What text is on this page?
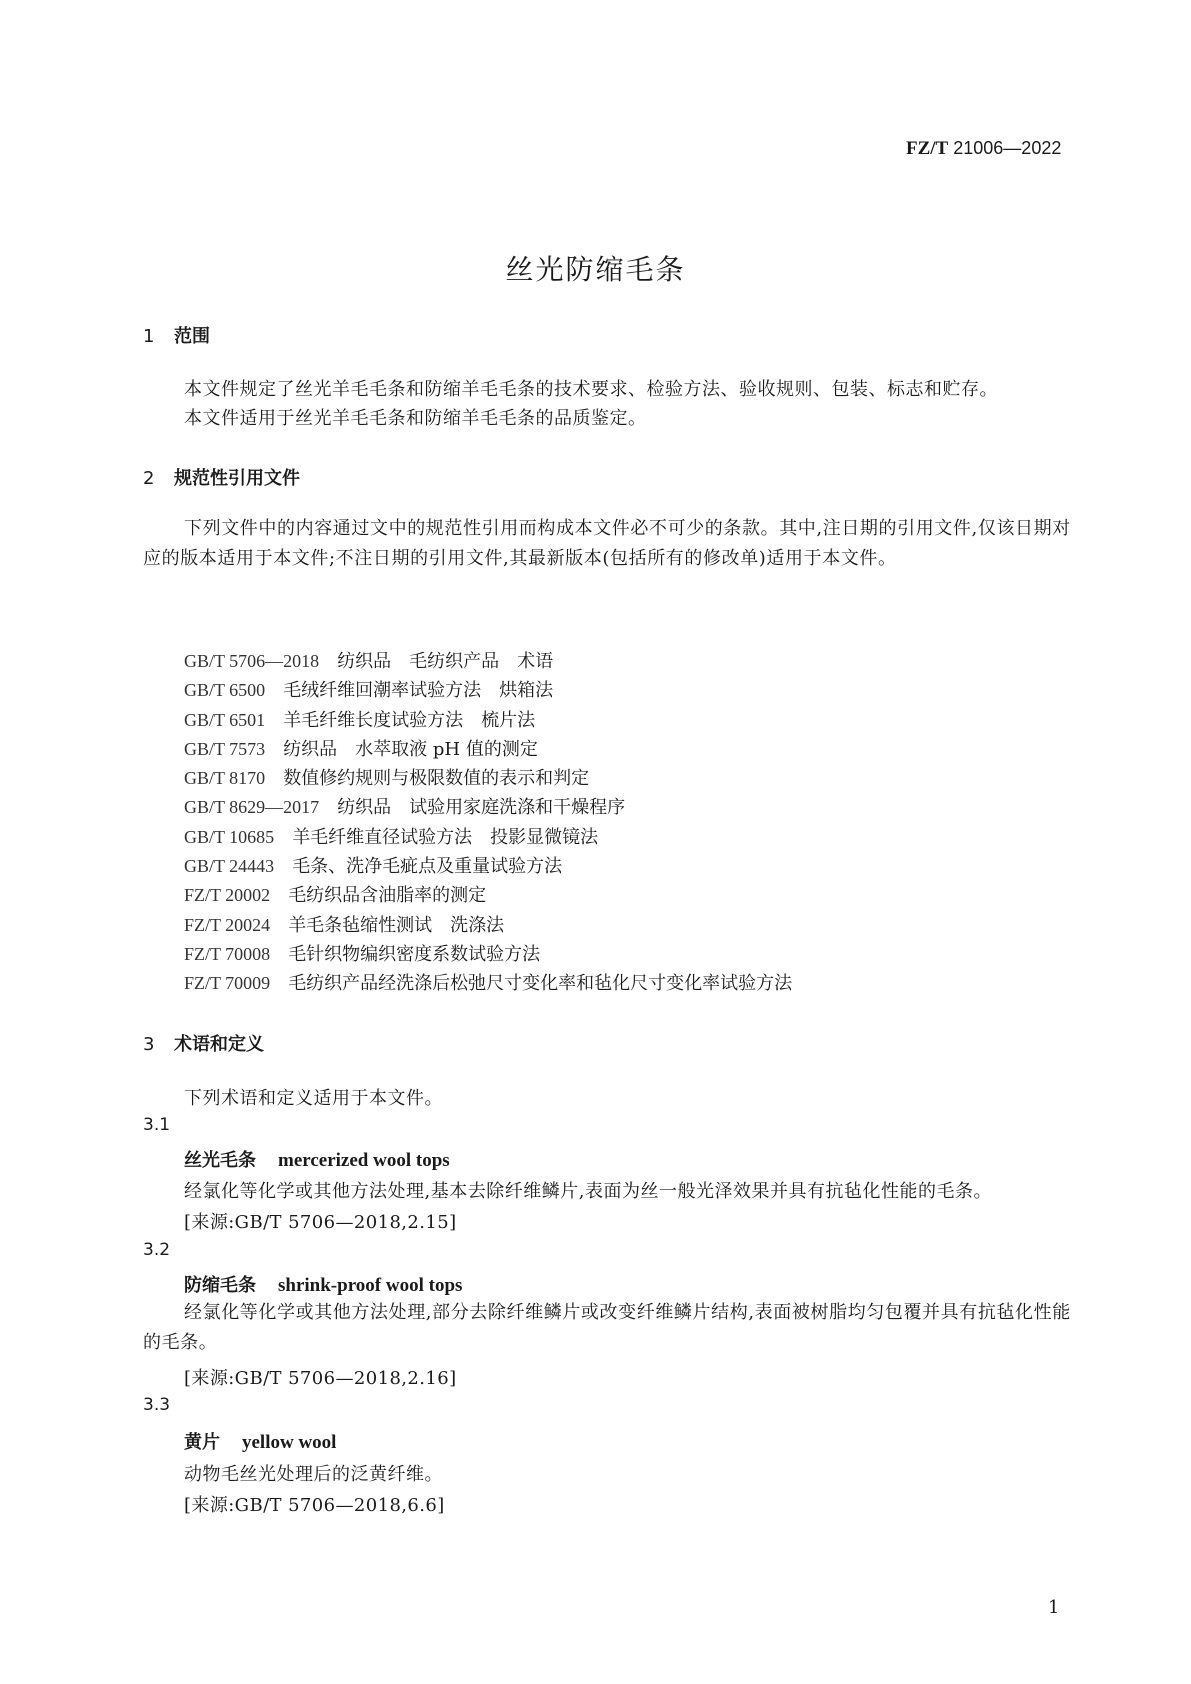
FZ/T 21006—2022
丝光防缩毛条
1 范围
本文件规定了丝光羊毛毛条和防缩羊毛毛条的技术要求、检验方法、验收规则、包装、标志和贮存。
本文件适用于丝光羊毛毛条和防缩羊毛毛条的品质鉴定。
2 规范性引用文件
下列文件中的内容通过文中的规范性引用而构成本文件必不可少的条款。其中,注日期的引用文件,仅该日期对应的版本适用于本文件;不注日期的引用文件,其最新版本(包括所有的修改单)适用于本文件。
GB/T 5706—2018　 纺织品　毛纺织产品　术语
GB/T 6500　 毛绒纤维回潮率试验方法　烘箱法
GB/T 6501　 羊毛纤维长度试验方法　梳片法
GB/T 7573　 纺织品　水萃取液 pH 值的测定
GB/T 8170　 数值修约规则与极限数值的表示和判定
GB/T 8629—2017　 纺织品　试验用家庭洗涤和干燥程序
GB/T 10685　 羊毛纤维直径试验方法　投影显微镜法
GB/T 24443　 毛条、洗净毛疵点及重量试验方法
FZ/T 20002　 毛纺织品含油脂率的测定
FZ/T 20024　 羊毛条毡缩性测试　洗涤法
FZ/T 70008　 毛针织物编织密度系数试验方法
FZ/T 70009　 毛纺织产品经洗涤后松弛尺寸变化率和毡化尺寸变化率试验方法
3 术语和定义
下列术语和定义适用于本文件。
3.1
丝光毛条 mercerized wool tops
经氯化等化学或其他方法处理,基本去除纤维鳞片,表面为丝一般光泽效果并具有抗毡化性能的毛条。
[来源:GB/T 5706—2018,2.15]
3.2
防缩毛条 shrink-proof wool tops
经氯化等化学或其他方法处理,部分去除纤维鳞片或改变纤维鳞片结构,表面被树脂均匀包覆并具有抗毡化性能的毛条。
[来源:GB/T 5706—2018,2.16]
3.3
黄片 yellow wool
动物毛丝光处理后的泛黄纤维。
[来源:GB/T 5706—2018,6.6]
1
